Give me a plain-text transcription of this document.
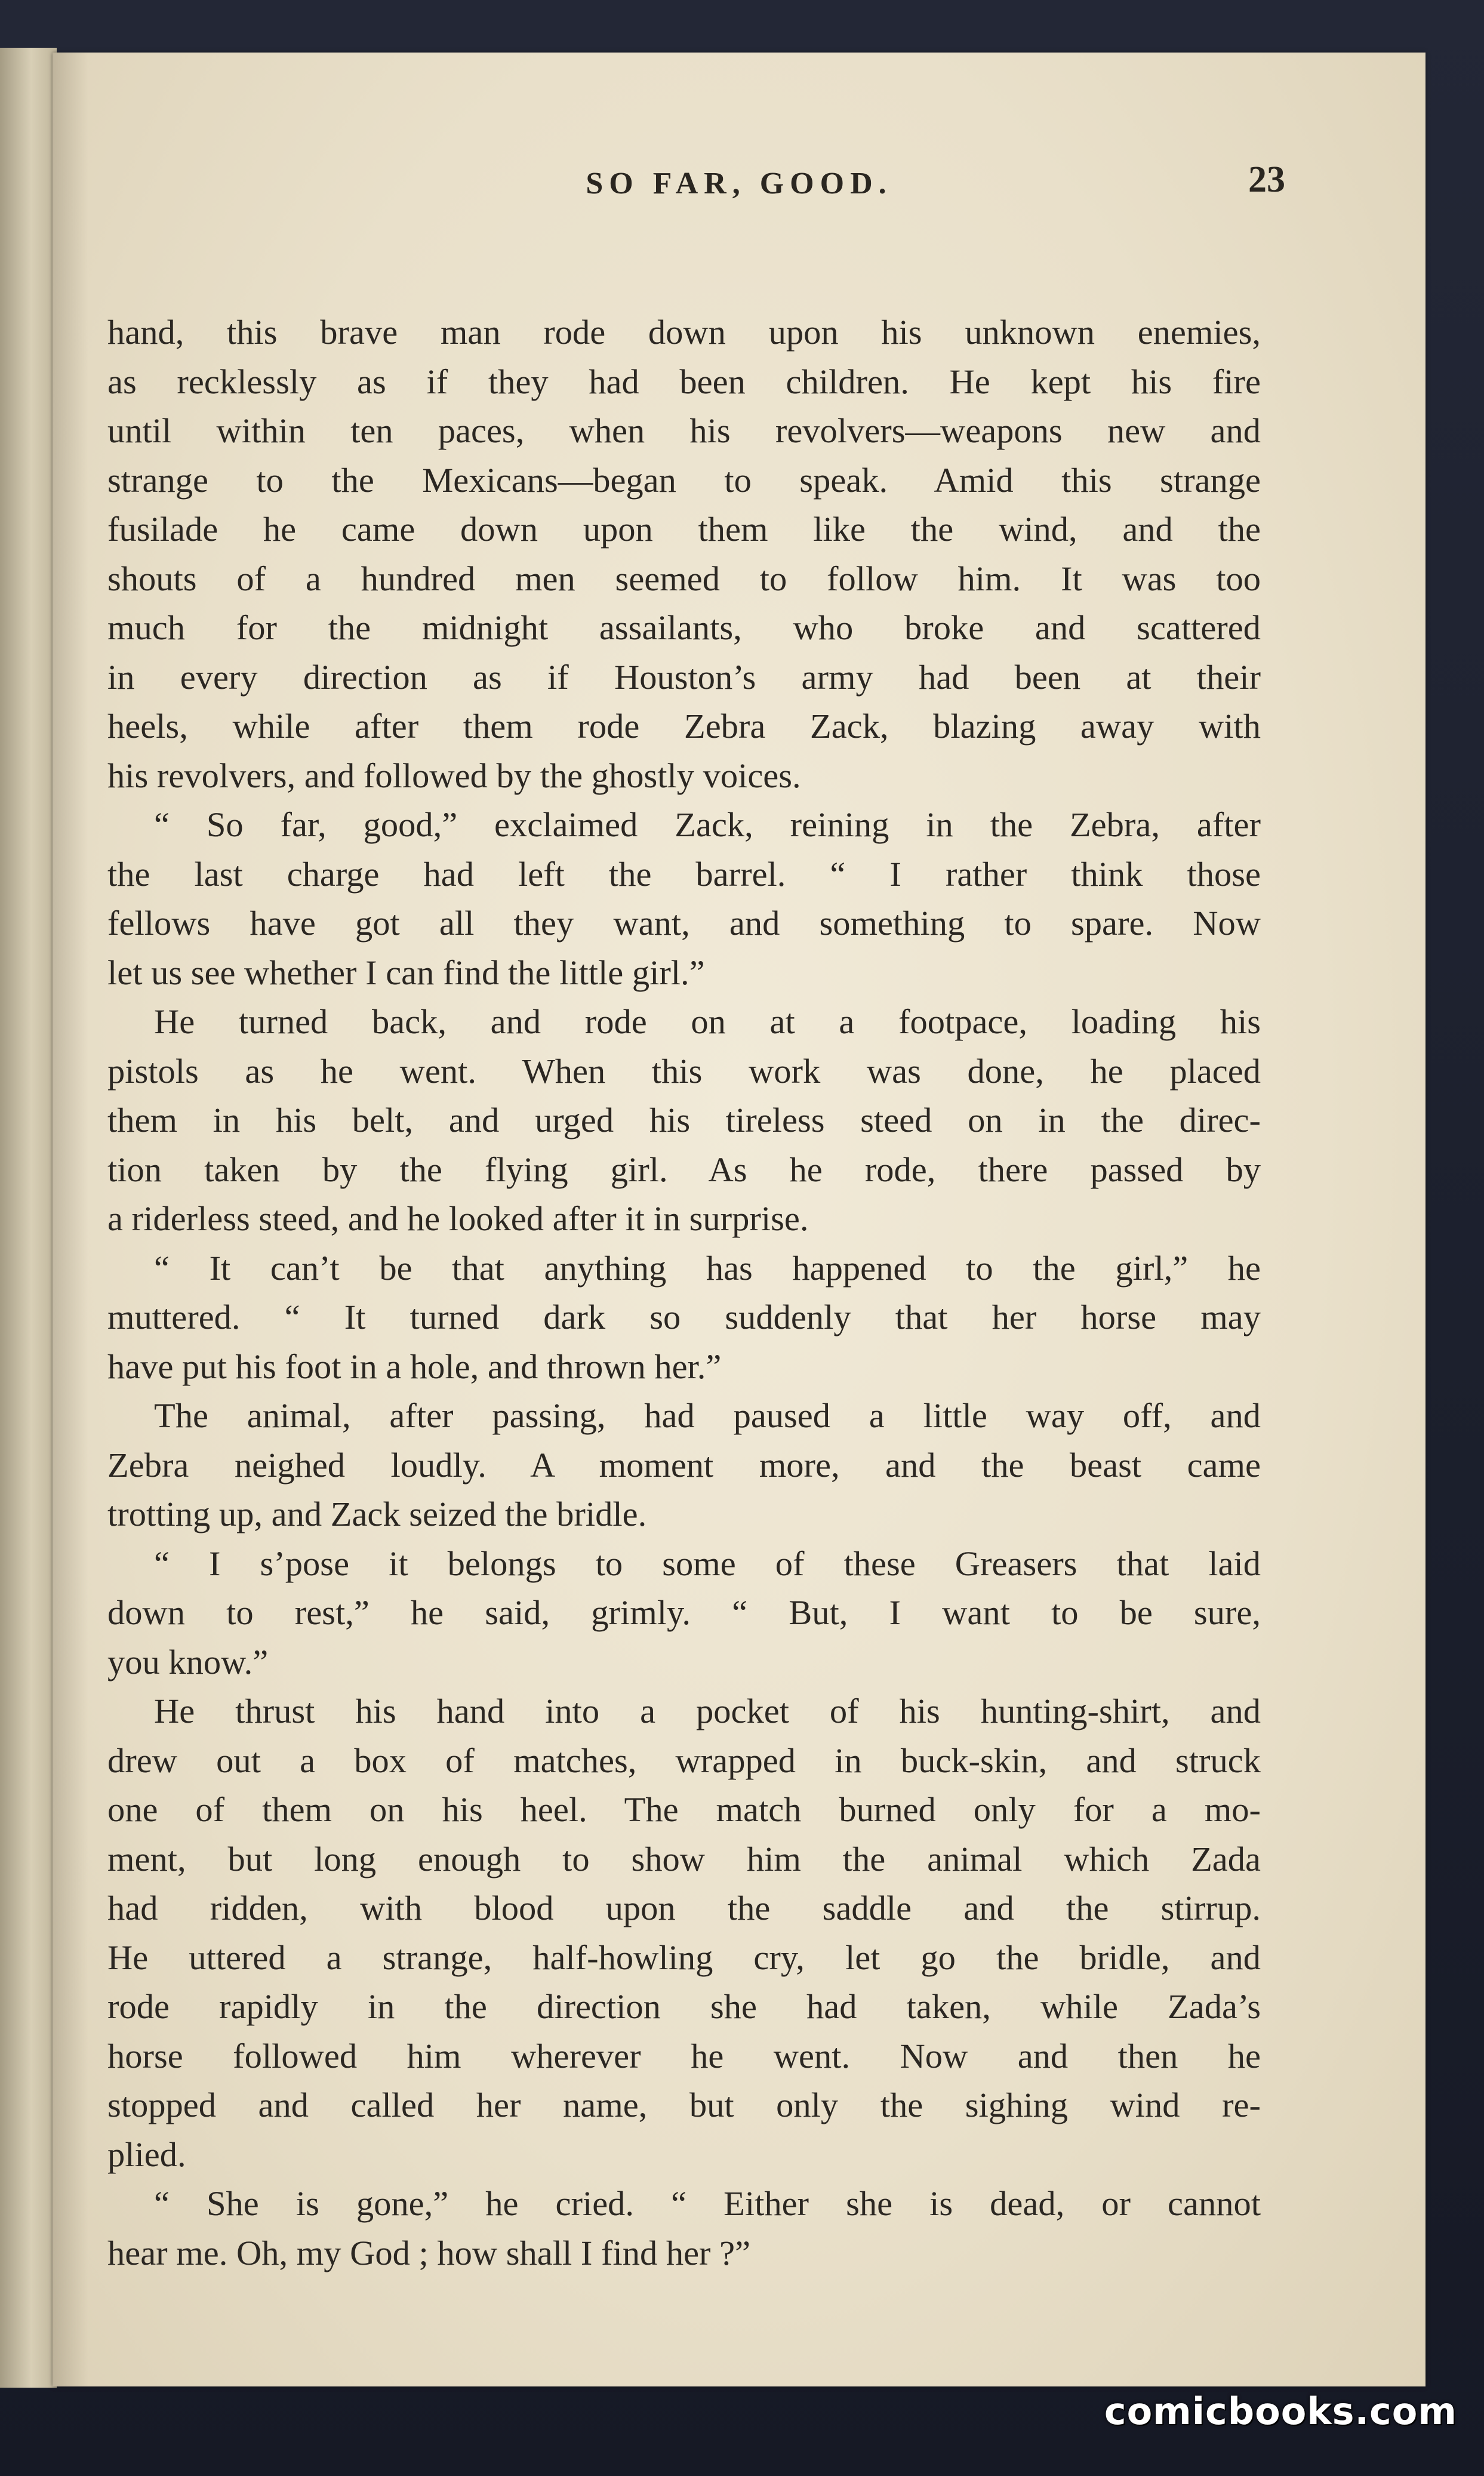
SO FAR, GOOD.	23
hand, this brave man rode down upon his unknown enemies,
as recklessly as if they had been children. He kept his fire
until within ten paces, when his revolvers—weapons new and
strange to the Mexicans—began to speak. Amid this strange
fusilade he came down upon them like the wind, and the
shouts of a hundred men seemed to follow him. It was too
much for the midnight assailants, who broke and scattered
in every direction as if Houston’s army had been at their
heels, while after them rode Zebra Zack, blazing away with
his revolvers, and followed by the ghostly voices.
“ So far, good,” exclaimed Zack, reining in the Zebra, after
the last charge had left the barrel. “ I rather think those
fellows have got all they want, and something to spare. Now
let us see whether I can find the little girl.”
He turned back, and rode on at a footpace, loading his
pistols as he went. When this work was done, he placed
them in his belt, and urged his tireless steed on in the direc-
tion taken by the flying girl. As he rode, there passed by
a riderless steed, and he looked after it in surprise.
“ It can’t be that anything has happened to the girl,” he
muttered. “ It turned dark so suddenly that her horse may
have put his foot in a hole, and thrown her.”
The animal, after passing, had paused a little way off, and
Zebra neighed loudly. A moment more, and the beast came
trotting up, and Zack seized the bridle.
“ I s’pose it belongs to some of these Greasers that laid
down to rest,” he said, grimly. “ But, I want to be sure,
you know.”
He thrust his hand into a pocket of his hunting-shirt, and
drew out a box of matches, wrapped in buck-skin, and struck
one of them on his heel. The match burned only for a mo-
ment, but long enough to show him the animal which Zada
had ridden, with blood upon the saddle and the stirrup.
He uttered a strange, half-howling cry, let go the bridle, and
rode rapidly in the direction she had taken, while Zada’s
horse followed him wherever he went. Now and then he
stopped and called her name, but only the sighing wind re-
plied.
“ She is gone,” he cried. “ Either she is dead, or cannot
hear me. Oh, my God ; how shall I find her ?”
comicbooks.com
